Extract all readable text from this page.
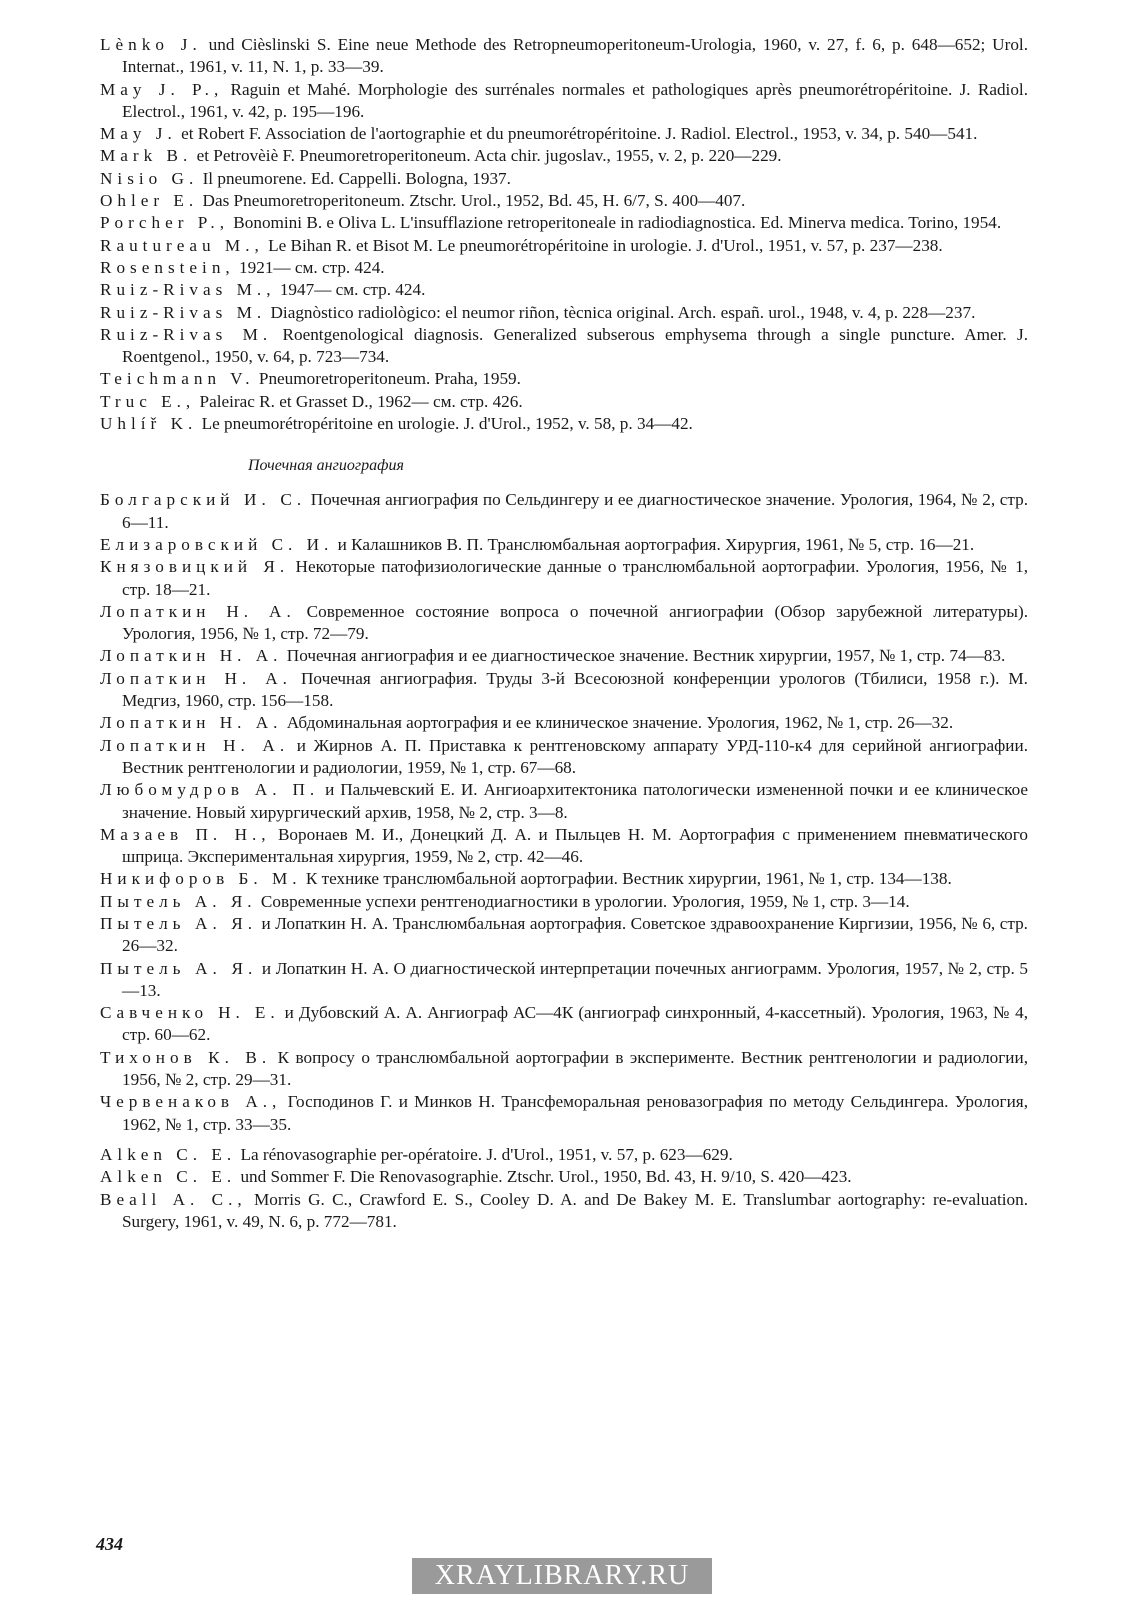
Lènko J. und Cièslinski S. Eine neue Methode des Retropneumoperitoneum-Urologia, 1960, v. 27, f. 6, p. 648—652; Urol. Internat., 1961, v. 11, N. 1, p. 33—39.

May J. P., Raguin et Mahé. Morphologie des surrénales normales et pathologiques après pneumorétropéritoine. J. Radiol. Electrol., 1961, v. 42, p. 195—196.

May J. et Robert F. Association de l'aortographie et du pneumorétropéritoine. J. Radiol. Electrol., 1953, v. 34, p. 540—541.

Mark B. et Petrovèiè F. Pneumoretroperitoneum. Acta chir. jugoslav., 1955, v. 2, p. 220—229.

Nisio G. Il pneumorene. Ed. Cappelli. Bologna, 1937.

Ohler E. Das Pneumoretroperitoneum. Ztschr. Urol., 1952, Bd. 45, H. 6/7, S. 400—407.

Porcher P., Bonomini B. e Oliva L. L'insufflazione retroperitoneale in radiodiagnostica. Ed. Minerva medica. Torino, 1954.

Rautureau M., Le Bihan R. et Bisot M. Le pneumorétropéritoine in urologie. J. d'Urol., 1951, v. 57, p. 237—238.

Rosenstein, 1921— см. стр. 424.

Ruiz-Rivas M., 1947— см. стр. 424.

Ruiz-Rivas M. Diagnòstico radiològico: el neumor riñon, tècnica original. Arch. españ. urol., 1948, v. 4, p. 228—237.

Ruiz-Rivas M. Roentgenological diagnosis. Generalized subserous emphysema through a single puncture. Amer. J. Roentgenol., 1950, v. 64, p. 723—734.

Teichmann V. Pneumoretroperitoneum. Praha, 1959.

Truc E., Paleirac R. et Grasset D., 1962— см. стр. 426.

Uhlíř K. Le pneumorétropéritoine en urologie. J. d'Urol., 1952, v. 58, p. 34—42.

Почечная ангиография

Болгарский И. С. Почечная ангиография по Сельдингеру и ее диагностическое значение. Урология, 1964, № 2, стр. 6—11.

Елизаровский С. И. и Калашников В. П. Транслюмбальная аортография. Хирургия, 1961, № 5, стр. 16—21.

Князовицкий Я. Некоторые патофизиологические данные о транслюмбальной аортографии. Урология, 1956, № 1, стр. 18—21.

Лопаткин Н. А. Современное состояние вопроса о почечной ангиографии (Обзор зарубежной литературы). Урология, 1956, № 1, стр. 72—79.

Лопаткин Н. А. Почечная ангиография и ее диагностическое значение. Вестник хирургии, 1957, № 1, стр. 74—83.

Лопаткин Н. А. Почечная ангиография. Труды 3-й Всесоюзной конференции урологов (Тбилиси, 1958 г.). М. Медгиз, 1960, стр. 156—158.

Лопаткин Н. А. Абдоминальная аортография и ее клиническое значение. Урология, 1962, № 1, стр. 26—32.

Лопаткин Н. А. и Жирнов А. П. Приставка к рентгеновскому аппарату УРД-110-к4 для серийной ангиографии. Вестник рентгенологии и радиологии, 1959, № 1, стр. 67—68.

Любомудров А. П. и Пальчевский Е. И. Ангиоархитектоника патологически измененной почки и ее клиническое значение. Новый хирургический архив, 1958, № 2, стр. 3—8.

Мазаев П. Н., Воронаев М. И., Донецкий Д. А. и Пыльцев Н. М. Аортография с применением пневматического шприца. Экспериментальная хирургия, 1959, № 2, стр. 42—46.

Никифоров Б. М. К технике транслюмбальной аортографии. Вестник хирургии, 1961, № 1, стр. 134—138.

Пытель А. Я. Современные успехи рентгенодиагностики в урологии. Урология, 1959, № 1, стр. 3—14.

Пытель А. Я. и Лопаткин Н. А. Транслюмбальная аортография. Советское здравоохранение Киргизии, 1956, № 6, стр. 26—32.

Пытель А. Я. и Лопаткин Н. А. О диагностической интерпретации почечных ангиограмм. Урология, 1957, № 2, стр. 5—13.

Савченко Н. Е. и Дубовский А. А. Ангиограф АС—4К (ангиограф синхронный, 4-кассетный). Урология, 1963, № 4, стр. 60—62.

Тихонов К. В. К вопросу о транслюмбальной аортографии в эксперименте. Вестник рентгенологии и радиологии, 1956, № 2, стр. 29—31.

Червенаков А., Господинов Г. и Минков Н. Трансфеморальная реновазография по методу Сельдингера. Урология, 1962, № 1, стр. 33—35.

Alken C. E. La rénovasographie per-opératoire. J. d'Urol., 1951, v. 57, p. 623—629.

Alken C. E. und Sommer F. Die Renovasographie. Ztschr. Urol., 1950, Bd. 43, H. 9/10, S. 420—423.

Beall A. C., Morris G. C., Crawford E. S., Cooley D. A. and De Bakey M. E. Translumbar aortography: re-evaluation. Surgery, 1961, v. 49, N. 6, p. 772—781.

434
XRAYLIBRARY.RU
